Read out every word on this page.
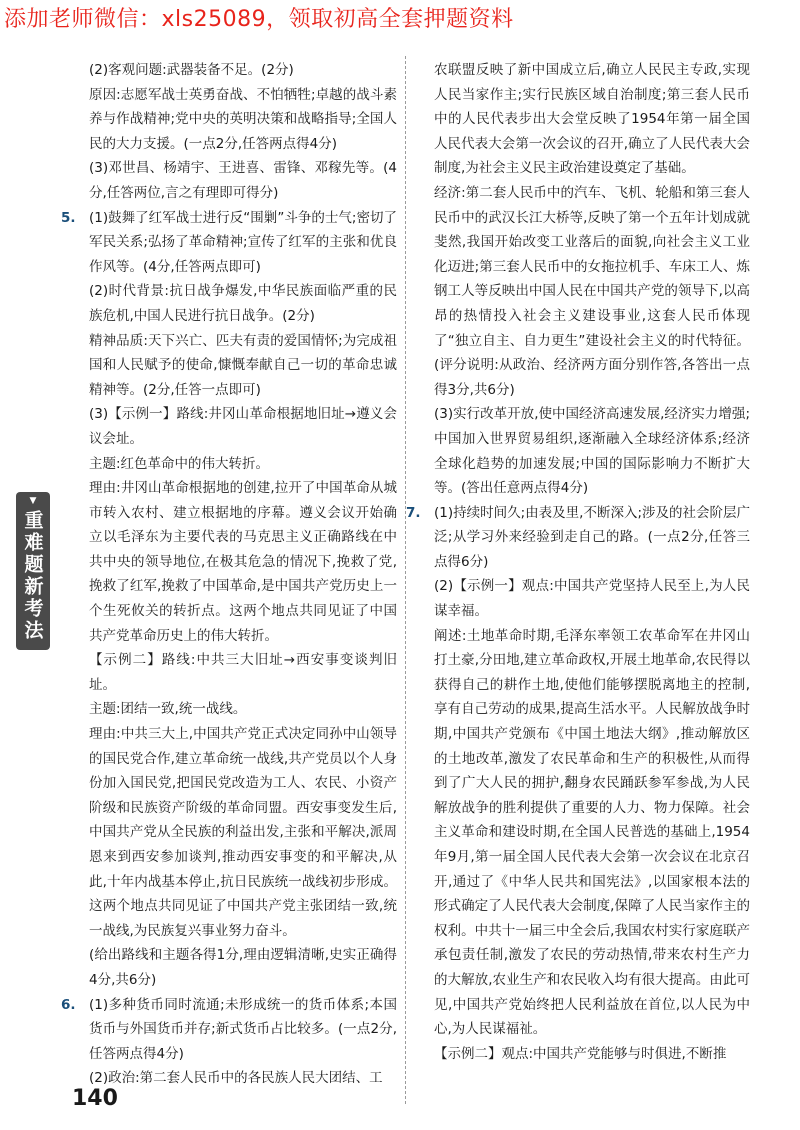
添加老师微信：xls25089，领取初高全套押题资料

(2)客观问题:武器装备不足。(2分)

原因:志愿军战士英勇奋战、不怕牺牲;卓越的战斗素养与作战精神;党中央的英明决策和战略指导;全国人民的大力支援。(一点2分,任答两点得4分)

(3)邓世昌、杨靖宇、王进喜、雷锋、邓稼先等。(4分,任答两位,言之有理即可得分)

5. (1)鼓舞了红军战士进行反“围剿”斗争的士气;密切了军民关系;弘扬了革命精神;宣传了红军的主张和优良作风等。(4分,任答两点即可)

(2)时代背景:抗日战争爆发,中华民族面临严重的民族危机,中国人民进行抗日战争。(2分)

精神品质:天下兴亡、匹夫有责的爱国情怀;为完成祖国和人民赋予的使命,慷慨奉献自己一切的革命忠诚精神等。(2分,任答一点即可)

(3)【示例一】路线:井冈山革命根据地旧址→遵义会议会址。

主题:红色革命中的伟大转折。

理由:井冈山革命根据地的创建,拉开了中国革命从城市转入农村、建立根据地的序幕。遵义会议开始确立以毛泽东为主要代表的马克思主义正确路线在中共中央的领导地位,在极其危急的情况下,挽救了党,挽救了红军,挽救了中国革命,是中国共产党历史上一个生死攸关的转折点。这两个地点共同见证了中国共产党革命历史上的伟大转折。

【示例二】路线:中共三大旧址→西安事变谈判旧址。

主题:团结一致,统一战线。

理由:中共三大上,中国共产党正式决定同孙中山领导的国民党合作,建立革命统一战线,共产党员以个人身份加入国民党,把国民党改造为工人、农民、小资产阶级和民族资产阶级的革命同盟。西安事变发生后,中国共产党从全民族的利益出发,主张和平解决,派周恩来到西安参加谈判,推动西安事变的和平解决,从此,十年内战基本停止,抗日民族统一战线初步形成。这两个地点共同见证了中国共产党主张团结一致,统一战线,为民族复兴事业努力奋斗。

(给出路线和主题各得1分,理由逻辑清晰,史实正确得4分,共6分)

6. (1)多种货币同时流通;未形成统一的货币体系;本国货币与外国货币并存;新式货币占比较多。(一点2分,任答两点得4分)

(2)政治:第二套人民币中的各民族人民大团结、工

农联盟反映了新中国成立后,确立人民民主专政,实现人民当家作主;实行民族区域自治制度;第三套人民币中的人民代表步出大会堂反映了1954年第一届全国人民代表大会第一次会议的召开,确立了人民代表大会制度,为社会主义民主政治建设奠定了基础。

经济:第二套人民币中的汽车、飞机、轮船和第三套人民币中的武汉长江大桥等,反映了第一个五年计划成就斐然,我国开始改变工业落后的面貌,向社会主义工业化迈进;第三套人民币中的女拖拉机手、车床工人、炼钢工人等反映出中国人民在中国共产党的领导下,以高昂的热情投入社会主义建设事业,这套人民币体现了“独立自主、自力更生”建设社会主义的时代特征。(评分说明:从政治、经济两方面分别作答,各答出一点得3分,共6分)

(3)实行改革开放,使中国经济高速发展,经济实力增强;中国加入世界贸易组织,逐渐融入全球经济体系;经济全球化趋势的加速发展;中国的国际影响力不断扩大等。(答出任意两点得4分)

7. (1)持续时间久;由表及里,不断深入;涉及的社会阶层广泛;从学习外来经验到走自己的路。(一点2分,任答三点得6分)

(2)【示例一】观点:中国共产党坚持人民至上,为人民谋幸福。

阐述:土地革命时期,毛泽东率领工农革命军在井冈山打土豪,分田地,建立革命政权,开展土地革命,农民得以获得自己的耕作土地,使他们能够摆脱离地主的控制,享有自己劳动的成果,提高生活水平。人民解放战争时期,中国共产党颁布《中国土地法大纲》,推动解放区的土地改革,激发了农民革命和生产的积极性,从而得到了广大人民的拥护,翻身农民踊跃参军参战,为人民解放战争的胜利提供了重要的人力、物力保障。社会主义革命和建设时期,在全国人民普选的基础上,1954年9月,第一届全国人民代表大会第一次会议在北京召开,通过了《中华人民共和国宪法》,以国家根本法的形式确定了人民代表大会制度,保障了人民当家作主的权利。中共十一届三中全会后,我国农村实行家庭联产承包责任制,激发了农民的劳动热情,带来农村生产力的大解放,农业生产和农民收入均有很大提高。由此可见,中国共产党始终把人民利益放在首位,以人民为中心,为人民谋福祉。

【示例二】观点:中国共产党能够与时俱进,不断推

▼
重难题新考法
140
